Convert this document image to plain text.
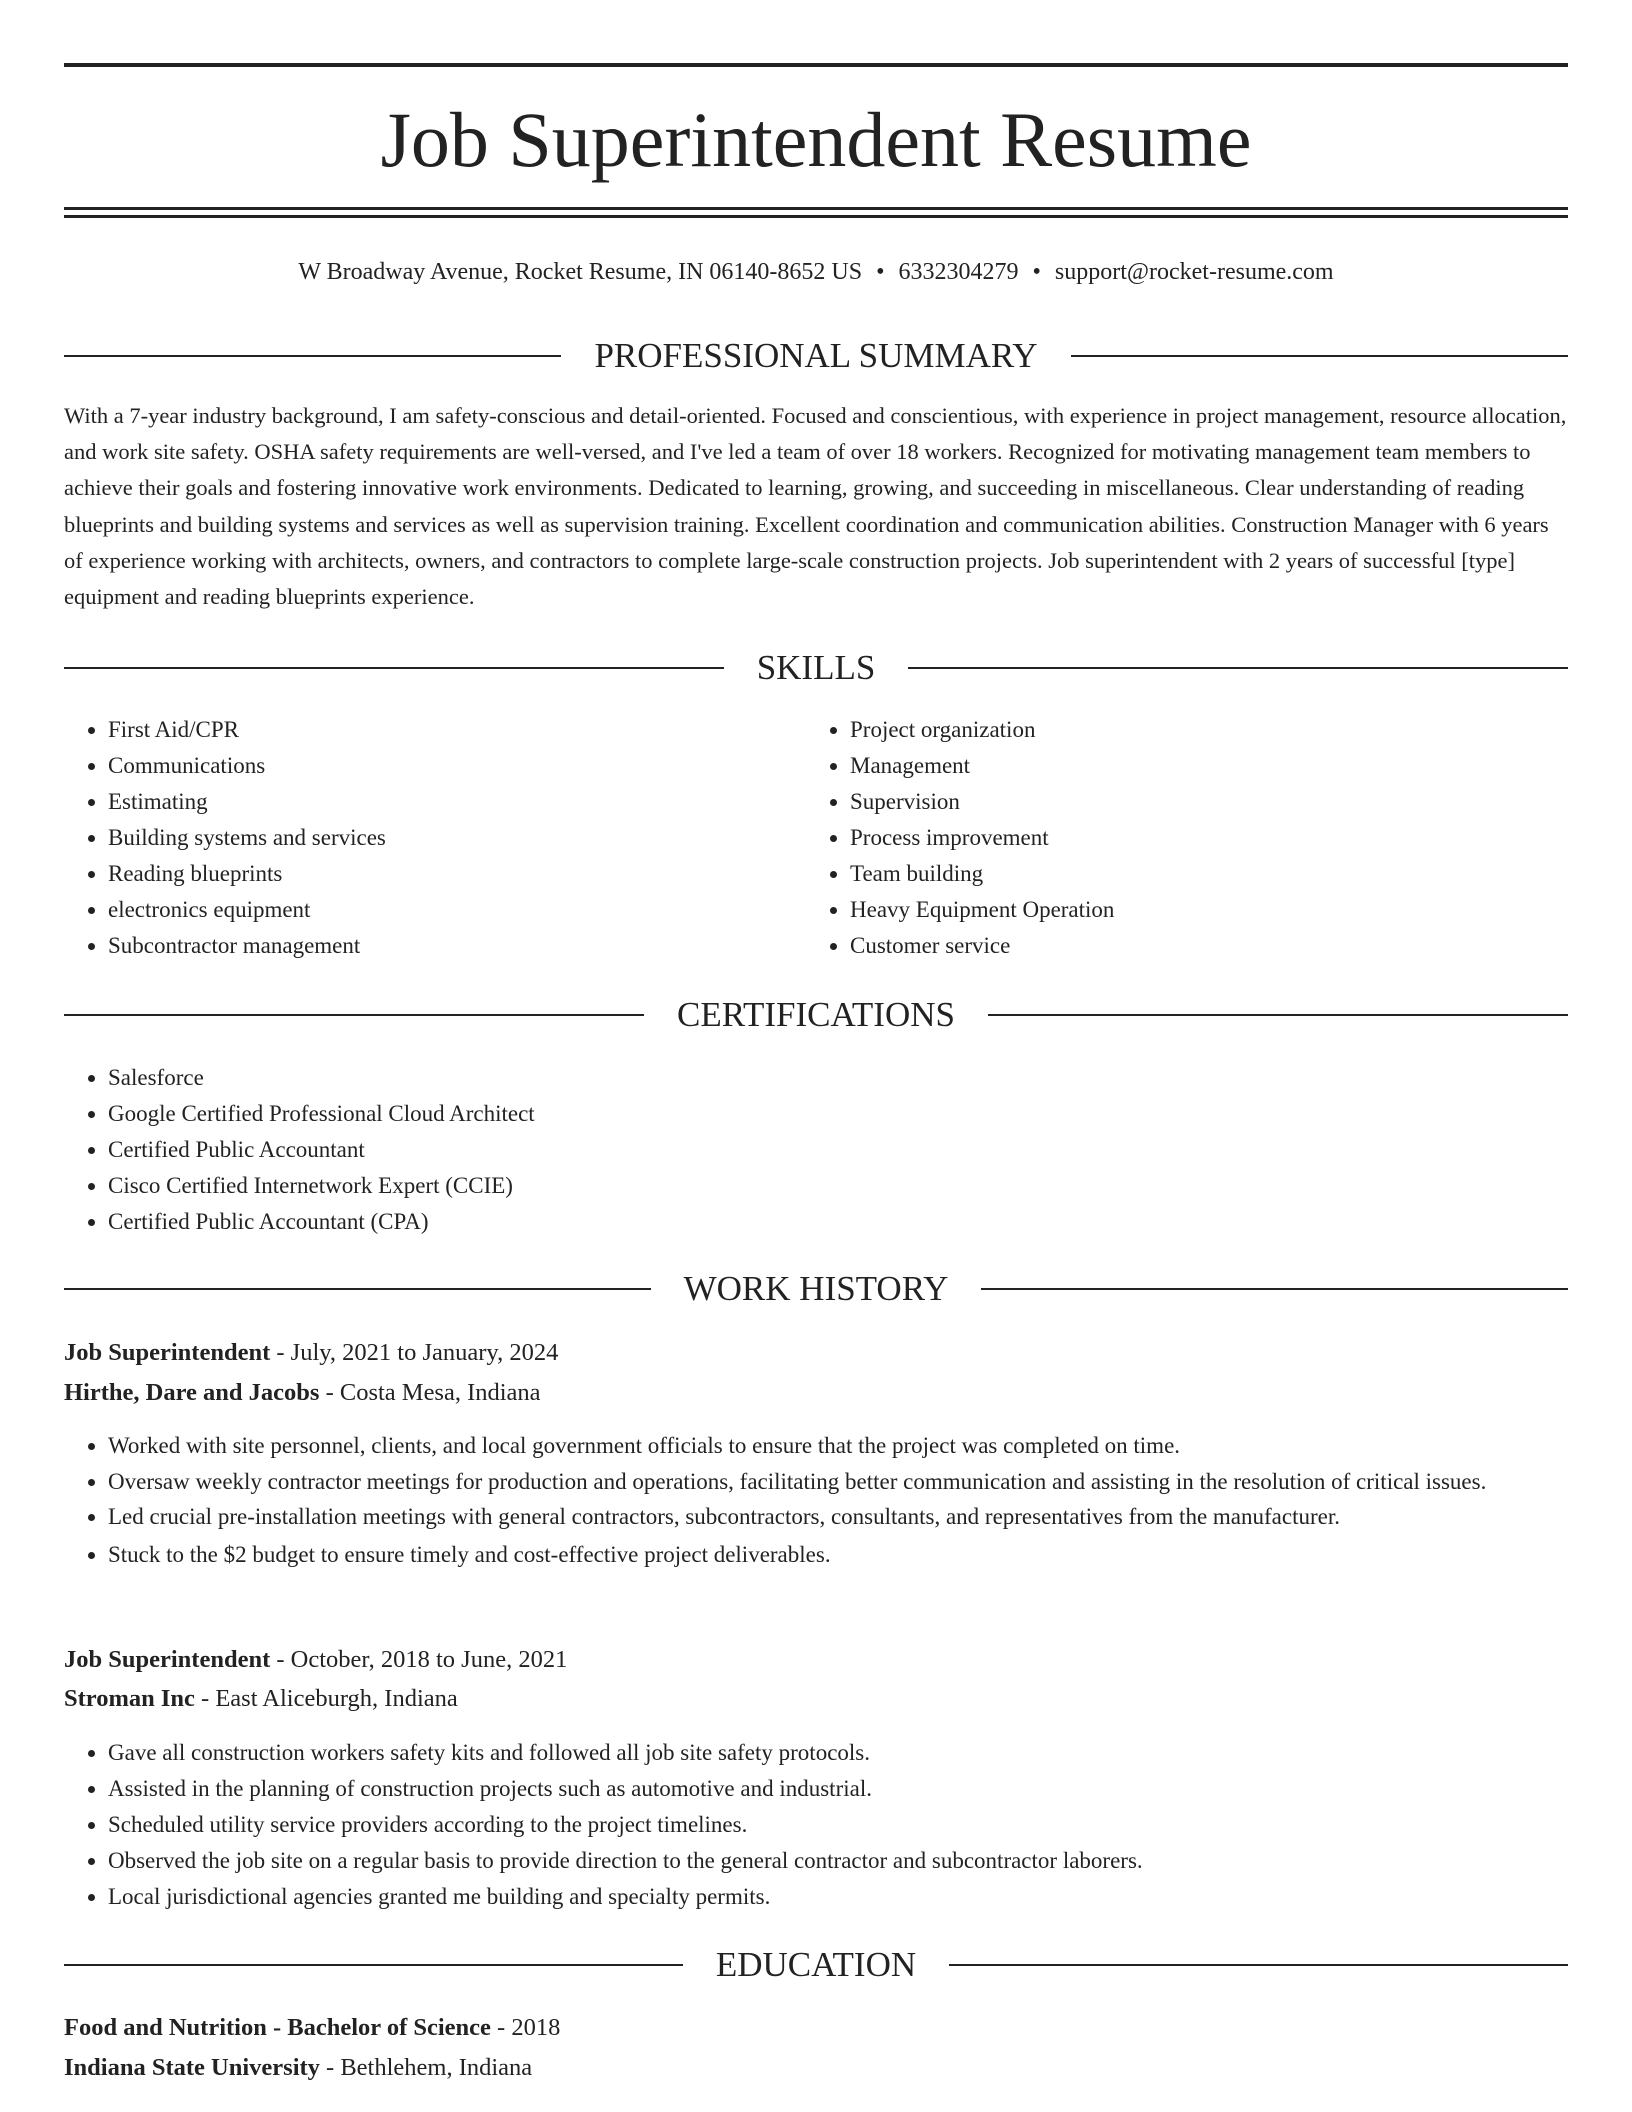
Job Superintendent Resume
W Broadway Avenue, Rocket Resume, IN 06140-8652 US • 6332304279 • support@rocket-resume.com
PROFESSIONAL SUMMARY

With a 7-year industry background, I am safety-conscious and detail-oriented. Focused and conscientious, with experience in project management, resource allocation, and work site safety. OSHA safety requirements are well-versed, and I've led a team of over 18 workers. Recognized for motivating management team members to achieve their goals and fostering innovative work environments. Dedicated to learning, growing, and succeeding in miscellaneous. Clear understanding of reading blueprints and building systems and services as well as supervision training. Excellent coordination and communication abilities. Construction Manager with 6 years of experience working with architects, owners, and contractors to complete large-scale construction projects. Job superintendent with 2 years of successful [type] equipment and reading blueprints experience.

SKILLS
• First Aid/CPR
• Communications
• Estimating
• Building systems and services
• Reading blueprints
• electronics equipment
• Subcontractor management
• Project organization
• Management
• Supervision
• Process improvement
• Team building
• Heavy Equipment Operation
• Customer service
CERTIFICATIONS
• Salesforce
• Google Certified Professional Cloud Architect
• Certified Public Accountant
• Cisco Certified Internetwork Expert (CCIE)
• Certified Public Accountant (CPA)
WORK HISTORY
Job Superintendent - July, 2021 to January, 2024
Hirthe, Dare and Jacobs - Costa Mesa, Indiana
• Worked with site personnel, clients, and local government officials to ensure that the project was completed on time.
• Oversaw weekly contractor meetings for production and operations, facilitating better communication and assisting in the resolution of critical issues.
• Led crucial pre-installation meetings with general contractors, subcontractors, consultants, and representatives from the manufacturer.
• Stuck to the $2 budget to ensure timely and cost-effective project deliverables.
Job Superintendent - October, 2018 to June, 2021
Stroman Inc - East Aliceburgh, Indiana
• Gave all construction workers safety kits and followed all job site safety protocols.
• Assisted in the planning of construction projects such as automotive and industrial.
• Scheduled utility service providers according to the project timelines.
• Observed the job site on a regular basis to provide direction to the general contractor and subcontractor laborers.
• Local jurisdictional agencies granted me building and specialty permits.
EDUCATION
Food and Nutrition - Bachelor of Science - 2018
Indiana State University - Bethlehem, Indiana
